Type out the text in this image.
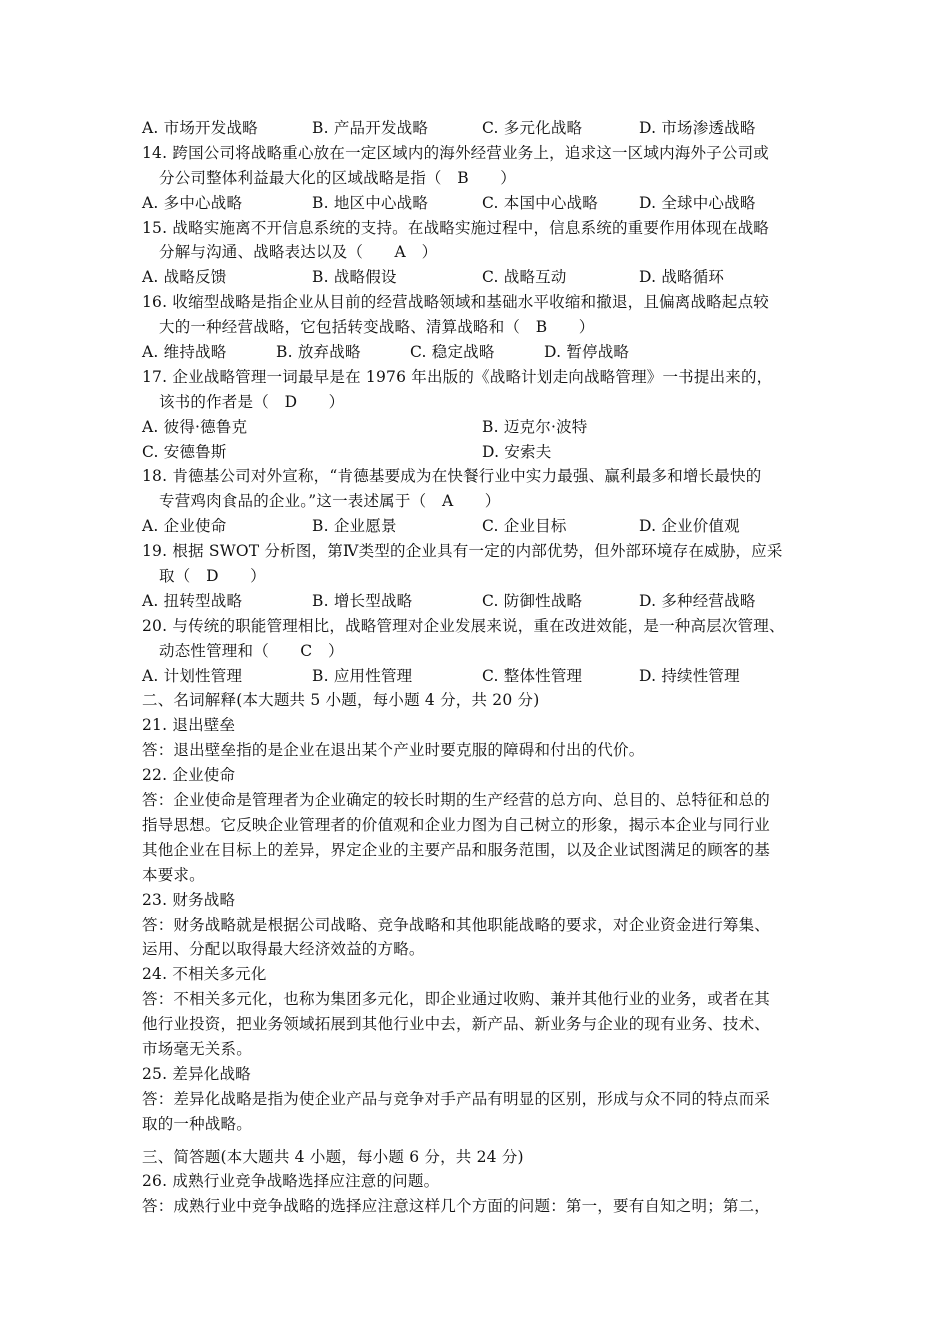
A. 市场开发战略	B. 产品开发战略	C. 多元化战略	D. 市场渗透战略
14. 跨国公司将战略重心放在一定区域内的海外经营业务上，追求这一区域内海外子公司或
分公司整体利益最大化的区域战略是指（　B　　）
A. 多中心战略	B. 地区中心战略	C. 本国中心战略	D. 全球中心战略
15. 战略实施离不开信息系统的支持。在战略实施过程中，信息系统的重要作用体现在战略
分解与沟通、战略表达以及（　　A　）
A. 战略反馈	B. 战略假设	C. 战略互动	D. 战略循环
16. 收缩型战略是指企业从目前的经营战略领域和基础水平收缩和撤退，且偏离战略起点较
大的一种经营战略，它包括转变战略、清算战略和（　B　　）
A. 维持战略	B. 放弃战略	C. 稳定战略	D. 暂停战略
17. 企业战略管理一词最早是在 1976 年出版的《战略计划走向战略管理》一书提出来的，
该书的作者是（　D　　）
A. 彼得·德鲁克	B. 迈克尔·波特
C. 安德鲁斯	D. 安索夫
18. 肯德基公司对外宣称，“肯德基要成为在快餐行业中实力最强、赢利最多和增长最快的
专营鸡肉食品的企业。”这一表述属于（　A　　）
A. 企业使命	B. 企业愿景	C. 企业目标	D. 企业价值观
19. 根据 SWOT 分析图，第Ⅳ类型的企业具有一定的内部优势，但外部环境存在威胁，应采
取（　D　　）
A. 扭转型战略	B. 增长型战略	C. 防御性战略	D. 多种经营战略
20. 与传统的职能管理相比，战略管理对企业发展来说，重在改进效能，是一种高层次管理、
动态性管理和（　　C　）
A. 计划性管理	B. 应用性管理	C. 整体性管理	D. 持续性管理
二、名词解释(本大题共 5 小题，每小题 4 分，共 20 分)
21. 退出壁垒
答：退出壁垒指的是企业在退出某个产业时要克服的障碍和付出的代价。
22. 企业使命
答：企业使命是管理者为企业确定的较长时期的生产经营的总方向、总目的、总特征和总的
指导思想。它反映企业管理者的价值观和企业力图为自己树立的形象，揭示本企业与同行业
其他企业在目标上的差异，界定企业的主要产品和服务范围，以及企业试图满足的顾客的基
本要求。
23. 财务战略
答：财务战略就是根据公司战略、竞争战略和其他职能战略的要求，对企业资金进行筹集、
运用、分配以取得最大经济效益的方略。
24. 不相关多元化
答：不相关多元化，也称为集团多元化，即企业通过收购、兼并其他行业的业务，或者在其
他行业投资，把业务领域拓展到其他行业中去，新产品、新业务与企业的现有业务、技术、
市场毫无关系。
25. 差异化战略
答：差异化战略是指为使企业产品与竞争对手产品有明显的区别，形成与众不同的特点而采
取的一种战略。
三、简答题(本大题共 4 小题，每小题 6 分，共 24 分)
26. 成熟行业竞争战略选择应注意的问题。
答：成熟行业中竞争战略的选择应注意这样几个方面的问题：第一，要有自知之明；第二，
